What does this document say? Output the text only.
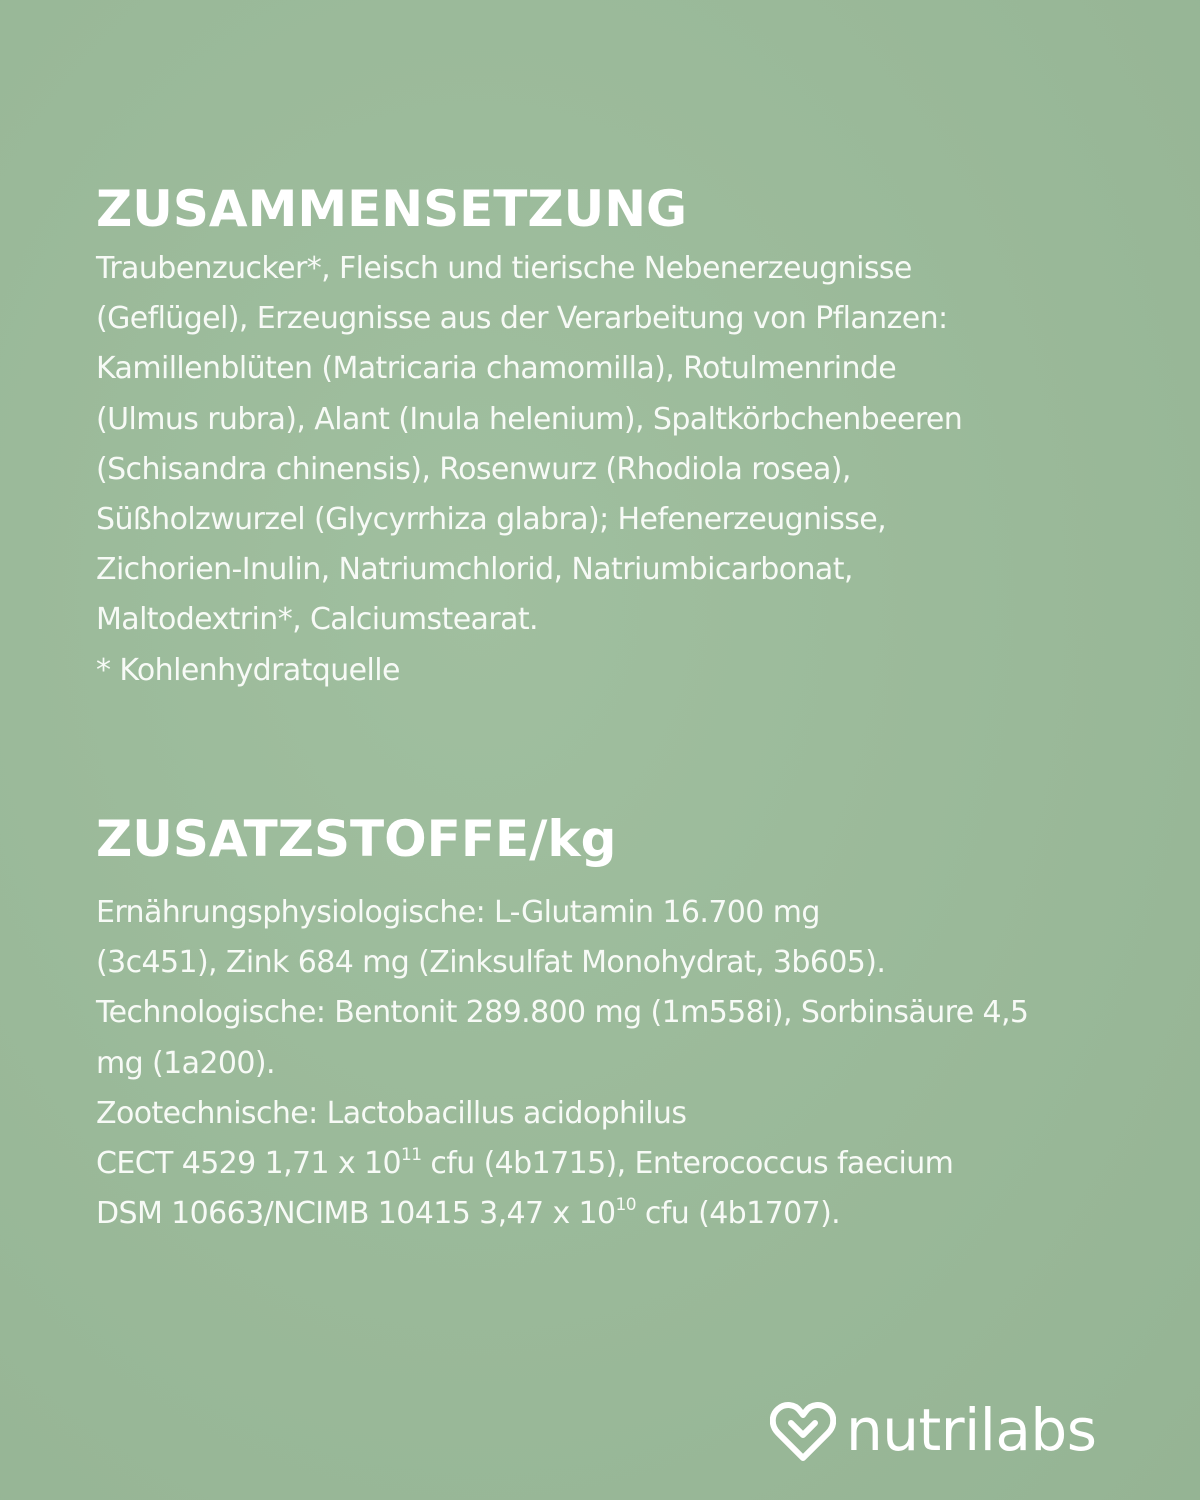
ZUSAMMENSETZUNG
Traubenzucker*, Fleisch und tierische Nebenerzeugnisse
(Geflügel), Erzeugnisse aus der Verarbeitung von Pflanzen:
Kamillenblüten (Matricaria chamomilla), Rotulmenrinde
(Ulmus rubra), Alant (Inula helenium), Spaltkörbchenbeeren
(Schisandra chinensis), Rosenwurz (Rhodiola rosea),
Süßholzwurzel (Glycyrrhiza glabra); Hefenerzeugnisse,
Zichorien-Inulin, Natriumchlorid, Natriumbicarbonat,
Maltodextrin*, Calciumstearat.
* Kohlenhydratquelle
ZUSATZSTOFFE/kg
Ernährungsphysiologische: L-Glutamin 16.700 mg
(3c451), Zink 684 mg (Zinksulfat Monohydrat, 3b605).
Technologische: Bentonit 289.800 mg (1m558i), Sorbinsäure 4,5
mg (1a200).
Zootechnische: Lactobacillus acidophilus
CECT 4529 1,71 x $10^{11}$ cfu (4b1715), Enterococcus faecium
DSM 10663/NCIMB 10415 3,47 x $10^{10}$ cfu (4b1707).
nutrilabs
